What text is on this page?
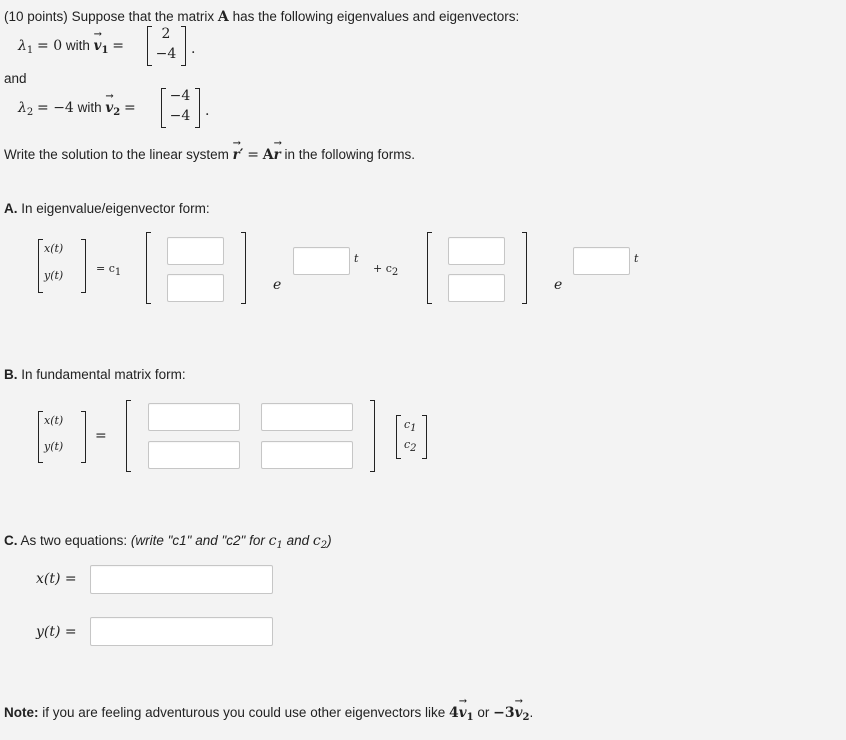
(10 points) Suppose that the matrix A has the following eigenvalues and eigenvectors:
$\lambda_1 = 0$ with
→
$v_1$ =
2
−4 .
and
$\lambda_2 = -4$ with
→
$v_2$ =
−4
−4 .
Write the solution to the linear system
→
r′ = A
→
r in the following forms.
A. In eigenvalue/eigenvector form:
x(t)
y(t)
= c1
e
t
+ c2
e
t
B. In fundamental matrix form:
x(t)
y(t)
=
c1
c2
C. As two equations: (write "c1" and "c2" for $c_1$ and $c_2$)
x(t) =
y(t) =
Note: if you are feeling adventurous you could use other eigenvectors like 4
→
$v_1$ or −3
→
$v_2$.
